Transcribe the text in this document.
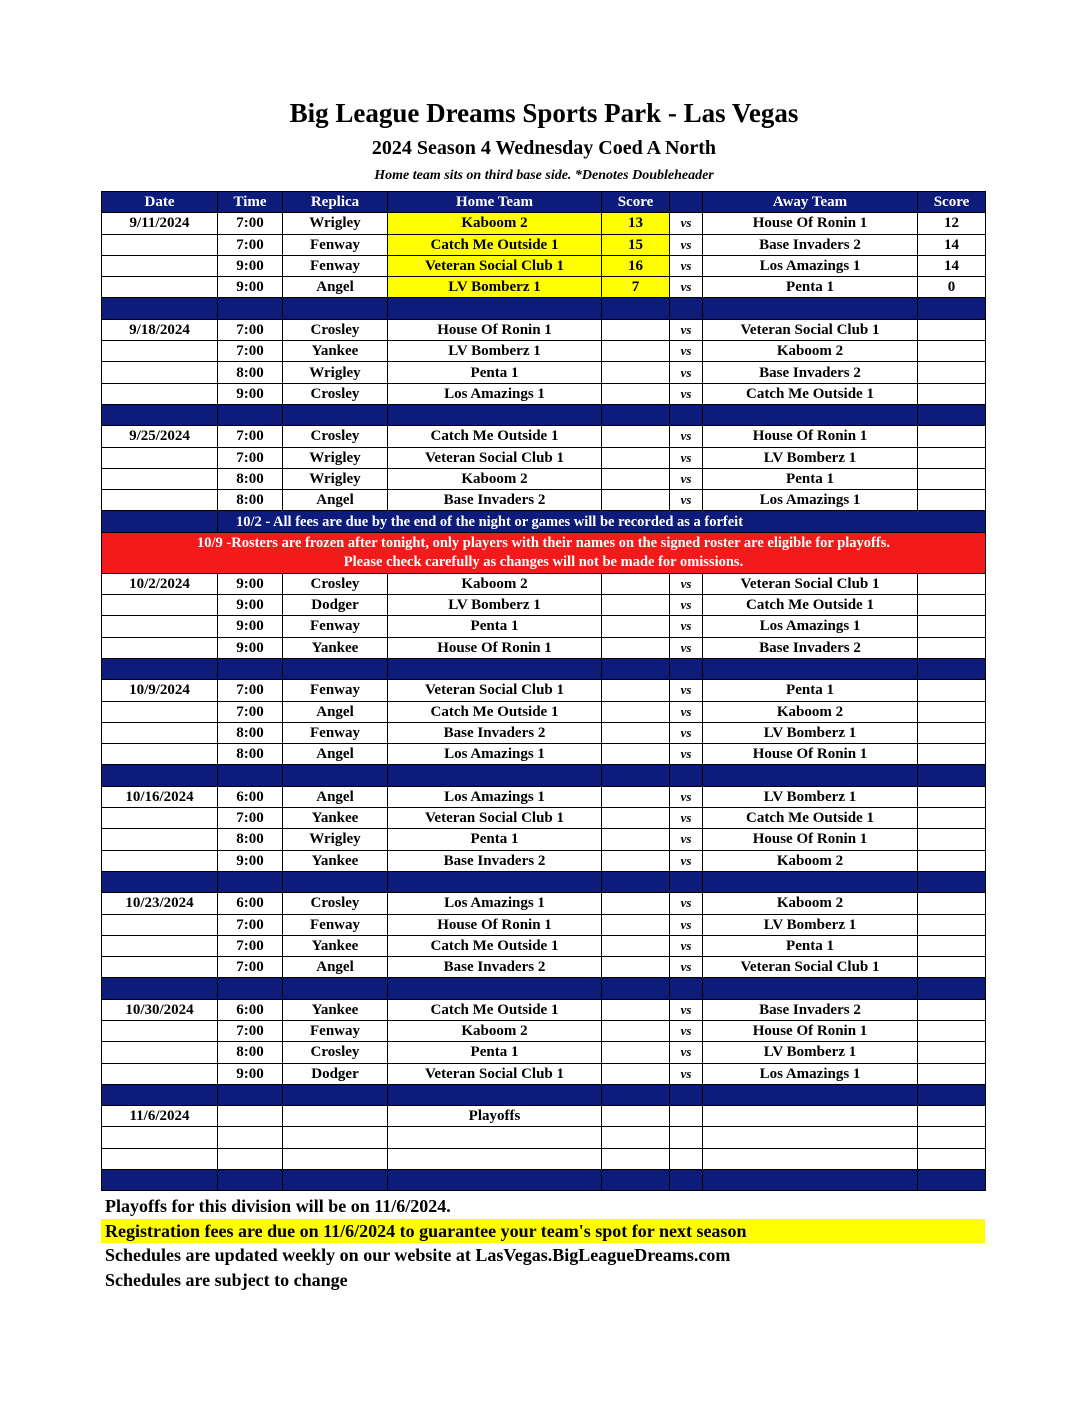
Big League Dreams Sports Park - Las Vegas
2024 Season 4 Wednesday Coed A North
Home team sits on third base side. *Denotes Doubleheader
Date	Time	Replica	Home Team	Score		Away Team	Score
9/11/2024	7:00	Wrigley	Kaboom 2	13	vs	House Of Ronin 1	12
	7:00	Fenway	Catch Me Outside 1	15	vs	Base Invaders 2	14
	9:00	Fenway	Veteran Social Club 1	16	vs	Los Amazings 1	14
	9:00	Angel	LV Bomberz 1	7	vs	Penta 1	0

9/18/2024	7:00	Crosley	House Of Ronin 1		vs	Veteran Social Club 1	
	7:00	Yankee	LV Bomberz 1		vs	Kaboom 2	
	8:00	Wrigley	Penta 1		vs	Base Invaders 2	
	9:00	Crosley	Los Amazings 1		vs	Catch Me Outside 1	

9/25/2024	7:00	Crosley	Catch Me Outside 1		vs	House Of Ronin 1	
	7:00	Wrigley	Veteran Social Club 1		vs	LV Bomberz 1	
	8:00	Wrigley	Kaboom 2		vs	Penta 1	
	8:00	Angel	Base Invaders 2		vs	Los Amazings 1	
	10/2 - All fees are due by the end of the night or games will be recorded as a forfeit						

10/9 -Rosters are frozen after tonight, only players with their names on the signed roster are eligible for playoffs.
Please check carefully as changes will not be made for omissions.							

10/2/2024	9:00	Crosley	Kaboom 2		vs	Veteran Social Club 1	
	9:00	Dodger	LV Bomberz 1		vs	Catch Me Outside 1	
	9:00	Fenway	Penta 1		vs	Los Amazings 1	
	9:00	Yankee	House Of Ronin 1		vs	Base Invaders 2	

10/9/2024	7:00	Fenway	Veteran Social Club 1		vs	Penta 1	
	7:00	Angel	Catch Me Outside 1		vs	Kaboom 2	
	8:00	Fenway	Base Invaders 2		vs	LV Bomberz 1	
	8:00	Angel	Los Amazings 1		vs	House Of Ronin 1	

10/16/2024	6:00	Angel	Los Amazings 1		vs	LV Bomberz 1	
	7:00	Yankee	Veteran Social Club 1		vs	Catch Me Outside 1	
	8:00	Wrigley	Penta 1		vs	House Of Ronin 1	
	9:00	Yankee	Base Invaders 2		vs	Kaboom 2	

10/23/2024	6:00	Crosley	Los Amazings 1		vs	Kaboom 2	
	7:00	Fenway	House Of Ronin 1		vs	LV Bomberz 1	
	7:00	Yankee	Catch Me Outside 1		vs	Penta 1	
	7:00	Angel	Base Invaders 2		vs	Veteran Social Club 1	

10/30/2024	6:00	Yankee	Catch Me Outside 1		vs	Base Invaders 2	
	7:00	Fenway	Kaboom 2		vs	House Of Ronin 1	
	8:00	Crosley	Penta 1		vs	LV Bomberz 1	
	9:00	Dodger	Veteran Social Club 1		vs	Los Amazings 1	

11/6/2024			Playoffs				

Playoffs for this division will be on 11/6/2024.
Registration fees are due on 11/6/2024 to guarantee your team's spot for next season
Schedules are updated weekly on our website at LasVegas.BigLeagueDreams.com
Schedules are subject to change
